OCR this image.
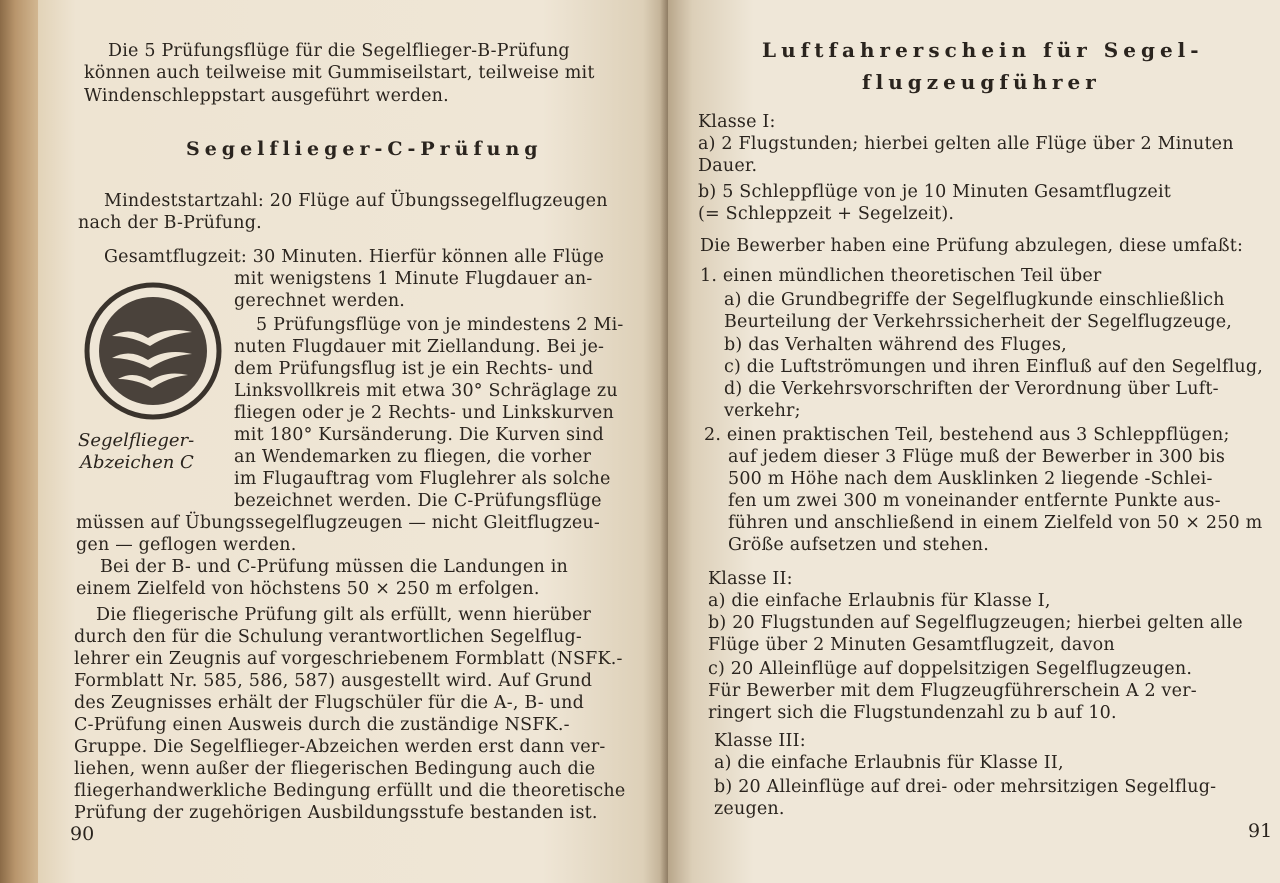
Die 5 Prüfungsflüge für die Segelflieger-B-Prüfung
können auch teilweise mit Gummiseilstart, teilweise mit
Windenschleppstart ausgeführt werden.
Segelflieger-C-Prüfung
Mindeststartzahl: 20 Flüge auf Übungssegelflugzeugen
nach der B-Prüfung.
Gesamtflugzeit: 30 Minuten. Hierfür können alle Flüge
mit wenigstens 1 Minute Flugdauer an-
gerechnet werden.
5 Prüfungsflüge von je mindestens 2 Mi-
nuten Flugdauer mit Ziellandung. Bei je-
dem Prüfungsflug ist je ein Rechts- und
Linksvollkreis mit etwa 30° Schräglage zu
fliegen oder je 2 Rechts- und Linkskurven
mit 180° Kursänderung. Die Kurven sind
an Wendemarken zu fliegen, die vorher
im Flugauftrag vom Fluglehrer als solche
bezeichnet werden. Die C-Prüfungsflüge
müssen auf Übungssegelflugzeugen — nicht Gleitflugzeu-
gen — geflogen werden.
Segelflieger-
Abzeichen C
Bei der B- und C-Prüfung müssen die Landungen in
einem Zielfeld von höchstens 50 × 250 m erfolgen.
Die fliegerische Prüfung gilt als erfüllt, wenn hierüber
durch den für die Schulung verantwortlichen Segelflug-
lehrer ein Zeugnis auf vorgeschriebenem Formblatt (NSFK.-
Formblatt Nr. 585, 586, 587) ausgestellt wird. Auf Grund
des Zeugnisses erhält der Flugschüler für die A-, B- und
C-Prüfung einen Ausweis durch die zuständige NSFK.-
Gruppe. Die Segelflieger-Abzeichen werden erst dann ver-
liehen, wenn außer der fliegerischen Bedingung auch die
fliegerhandwerkliche Bedingung erfüllt und die theoretische
Prüfung der zugehörigen Ausbildungsstufe bestanden ist.
90
Luftfahrerschein für Segel-
flugzeugführer
Klasse I:
a) 2 Flugstunden; hierbei gelten alle Flüge über 2 Minuten
Dauer.
b) 5 Schleppflüge von je 10 Minuten Gesamtflugzeit
(= Schleppzeit + Segelzeit).
Die Bewerber haben eine Prüfung abzulegen, diese umfaßt:
1. einen mündlichen theoretischen Teil über
a) die Grundbegriffe der Segelflugkunde einschließlich
Beurteilung der Verkehrssicherheit der Segelflugzeuge,
b) das Verhalten während des Fluges,
c) die Luftströmungen und ihren Einfluß auf den Segelflug,
d) die Verkehrsvorschriften der Verordnung über Luft-
verkehr;
2. einen praktischen Teil, bestehend aus 3 Schleppflügen;
auf jedem dieser 3 Flüge muß der Bewerber in 300 bis
500 m Höhe nach dem Ausklinken 2 liegende -Schlei-
fen um zwei 300 m voneinander entfernte Punkte aus-
führen und anschließend in einem Zielfeld von 50 × 250 m
Größe aufsetzen und stehen.
Klasse II:
a) die einfache Erlaubnis für Klasse I,
b) 20 Flugstunden auf Segelflugzeugen; hierbei gelten alle
Flüge über 2 Minuten Gesamtflugzeit, davon
c) 20 Alleinflüge auf doppelsitzigen Segelflugzeugen.
Für Bewerber mit dem Flugzeugführerschein A 2 ver-
ringert sich die Flugstundenzahl zu b auf 10.
Klasse III:
a) die einfache Erlaubnis für Klasse II,
b) 20 Alleinflüge auf drei- oder mehrsitzigen Segelflug-
zeugen.
91
